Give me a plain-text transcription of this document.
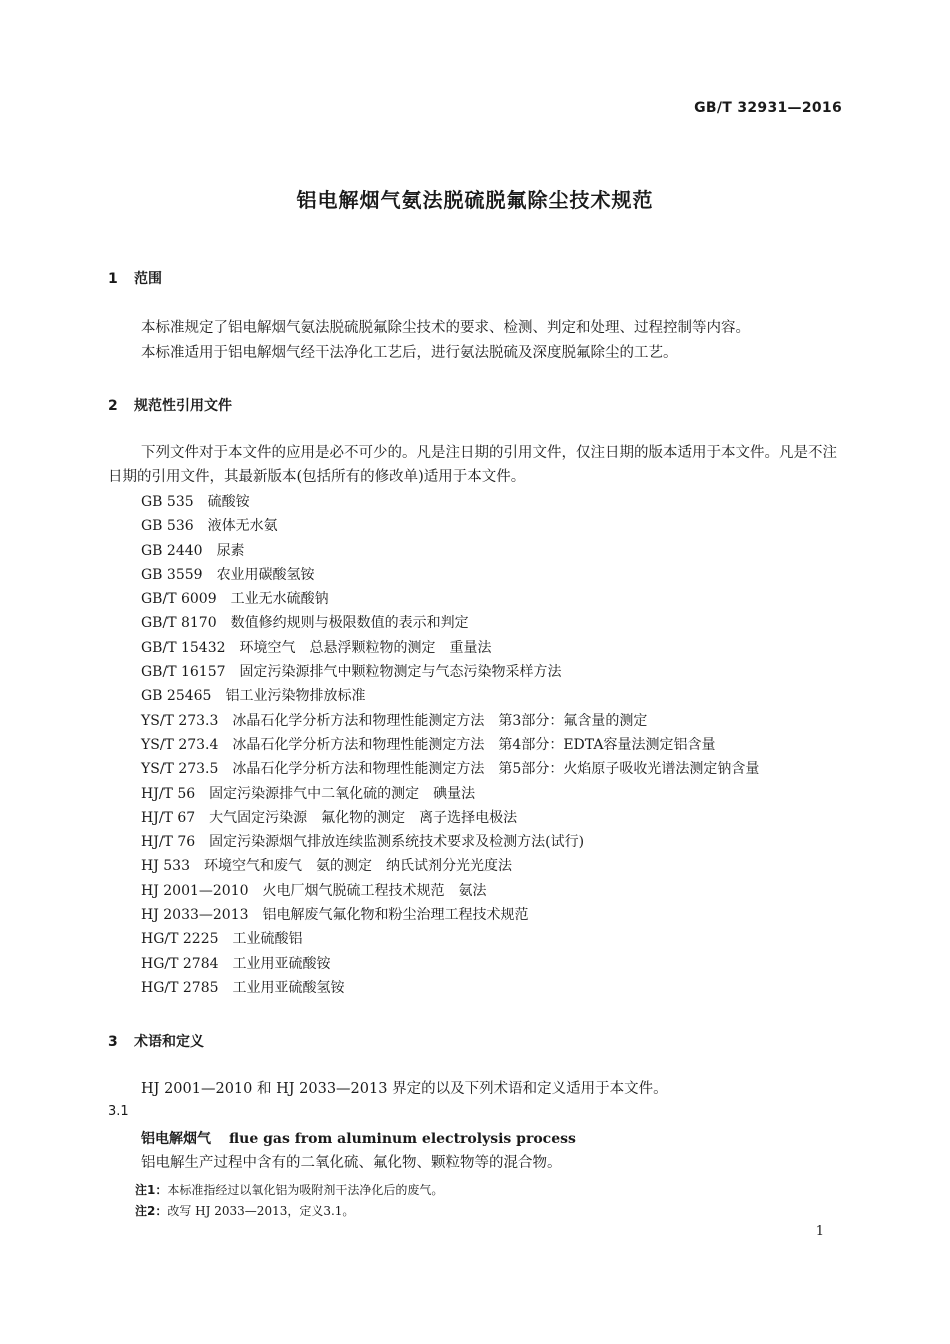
GB/T 32931—2016
铝电解烟气氨法脱硫脱氟除尘技术规范
1 范围
本标准规定了铝电解烟气氨法脱硫脱氟除尘技术的要求、检测、判定和处理、过程控制等内容。
本标准适用于铝电解烟气经干法净化工艺后，进行氨法脱硫及深度脱氟除尘的工艺。
2 规范性引用文件
下列文件对于本文件的应用是必不可少的。凡是注日期的引用文件，仅注日期的版本适用于本文件。凡是不注日期的引用文件，其最新版本(包括所有的修改单)适用于本文件。
GB 535 硫酸铵
GB 536 液体无水氨
GB 2440 尿素
GB 3559 农业用碳酸氢铵
GB/T 6009 工业无水硫酸钠
GB/T 8170 数值修约规则与极限数值的表示和判定
GB/T 15432 环境空气　总悬浮颗粒物的测定　重量法
GB/T 16157 固定污染源排气中颗粒物测定与气态污染物采样方法
GB 25465 铝工业污染物排放标准
YS/T 273.3 冰晶石化学分析方法和物理性能测定方法　第3部分：氟含量的测定
YS/T 273.4 冰晶石化学分析方法和物理性能测定方法　第4部分：EDTA容量法测定铝含量
YS/T 273.5 冰晶石化学分析方法和物理性能测定方法　第5部分：火焰原子吸收光谱法测定钠含量
HJ/T 56 固定污染源排气中二氧化硫的测定　碘量法
HJ/T 67 大气固定污染源　氟化物的测定　离子选择电极法
HJ/T 76 固定污染源烟气排放连续监测系统技术要求及检测方法(试行)
HJ 533 环境空气和废气　氨的测定　纳氏试剂分光光度法
HJ 2001—2010 火电厂烟气脱硫工程技术规范　氨法
HJ 2033—2013 铝电解废气氟化物和粉尘治理工程技术规范
HG/T 2225 工业硫酸铝
HG/T 2784 工业用亚硫酸铵
HG/T 2785 工业用亚硫酸氢铵
3 术语和定义
HJ 2001—2010 和 HJ 2033—2013 界定的以及下列术语和定义适用于本文件。
3.1
铝电解烟气 flue gas from aluminum electrolysis process
铝电解生产过程中含有的二氧化硫、氟化物、颗粒物等的混合物。
注1：本标准指经过以氧化铝为吸附剂干法净化后的废气。
注2：改写 HJ 2033—2013，定义3.1。
1
